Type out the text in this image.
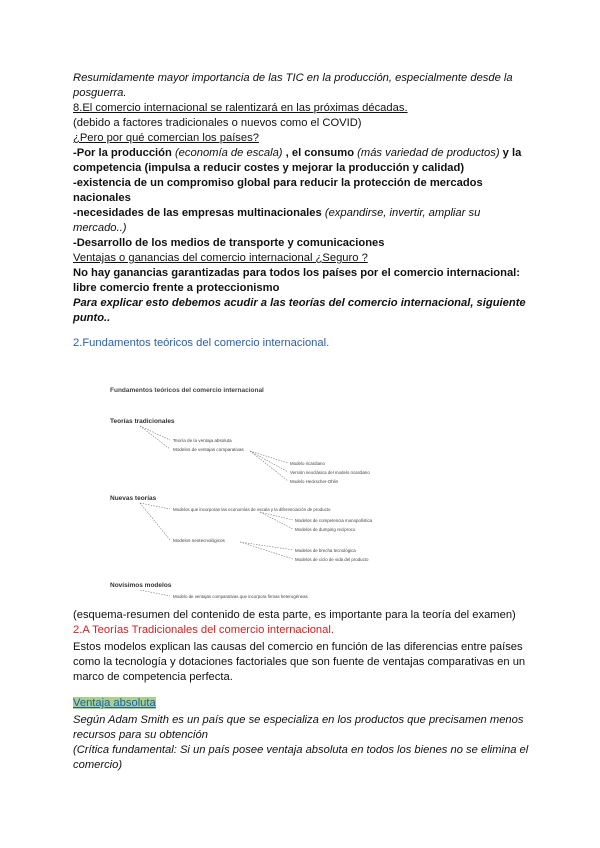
Resumidamente mayor importancia de las TIC en la producción, especialmente desde la
posguerra.
8.El comercio internacional se ralentizará en las próximas décadas.
(debido a factores tradicionales o nuevos como el COVID)
¿Pero por qué comercian los países?
-Por la producción (economía de escala) , el consumo (más variedad de productos) y la
competencia (impulsa a reducir costes y mejorar la producción y calidad)
-existencia de un compromiso global para reducir la protección de mercados
nacionales
-necesidades de las empresas multinacionales (expandirse, invertir, ampliar su
mercado..)
-Desarrollo de los medios de transporte y comunicaciones
Ventajas o ganancias del comercio internacional ¿Seguro ?
No hay ganancias garantizadas para todos los países por el comercio internacional:
libre comercio frente a proteccionismo
Para explicar esto debemos acudir a las teorías del comercio internacional, siguiente
punto..
2.Fundamentos teóricos del comercio internacional.
Fundamentos teóricos del comercio internacional
Teorías tradicionales
Teoría de la ventaja absoluta
Modelos de ventajas comparativas
Modelo ricardiano
Versión neoclásica del modelo ricardiano
Modelo Heckscher-Ohlin
Nuevas teorías
Modelos que incorporan las economías de escala y la diferenciación de producto
Modelos de competencia monopolística
Modelos de dumping recíproco
Modelos neotecnológicos
Modelos de brecha tecnológica
Modelos de ciclo de vida del producto
Novísimos modelos
Modelo de ventajas comparativas que incorpora firmas heterogéneas
(esquema-resumen del contenido de esta parte, es importante para la teoría del examen)
2.A Teorías Tradicionales del comercio internacional.
Estos modelos explican las causas del comercio en función de las diferencias entre países
como la tecnología y dotaciones factoriales que son fuente de ventajas comparativas en un
marco de competencia perfecta.
Ventaja absoluta
Según Adam Smith es un país que se especializa en los productos que precisamen menos
recursos para su obtención
(Crítica fundamental: Si un país posee ventaja absoluta en todos los bienes no se elimina el
comercio)
